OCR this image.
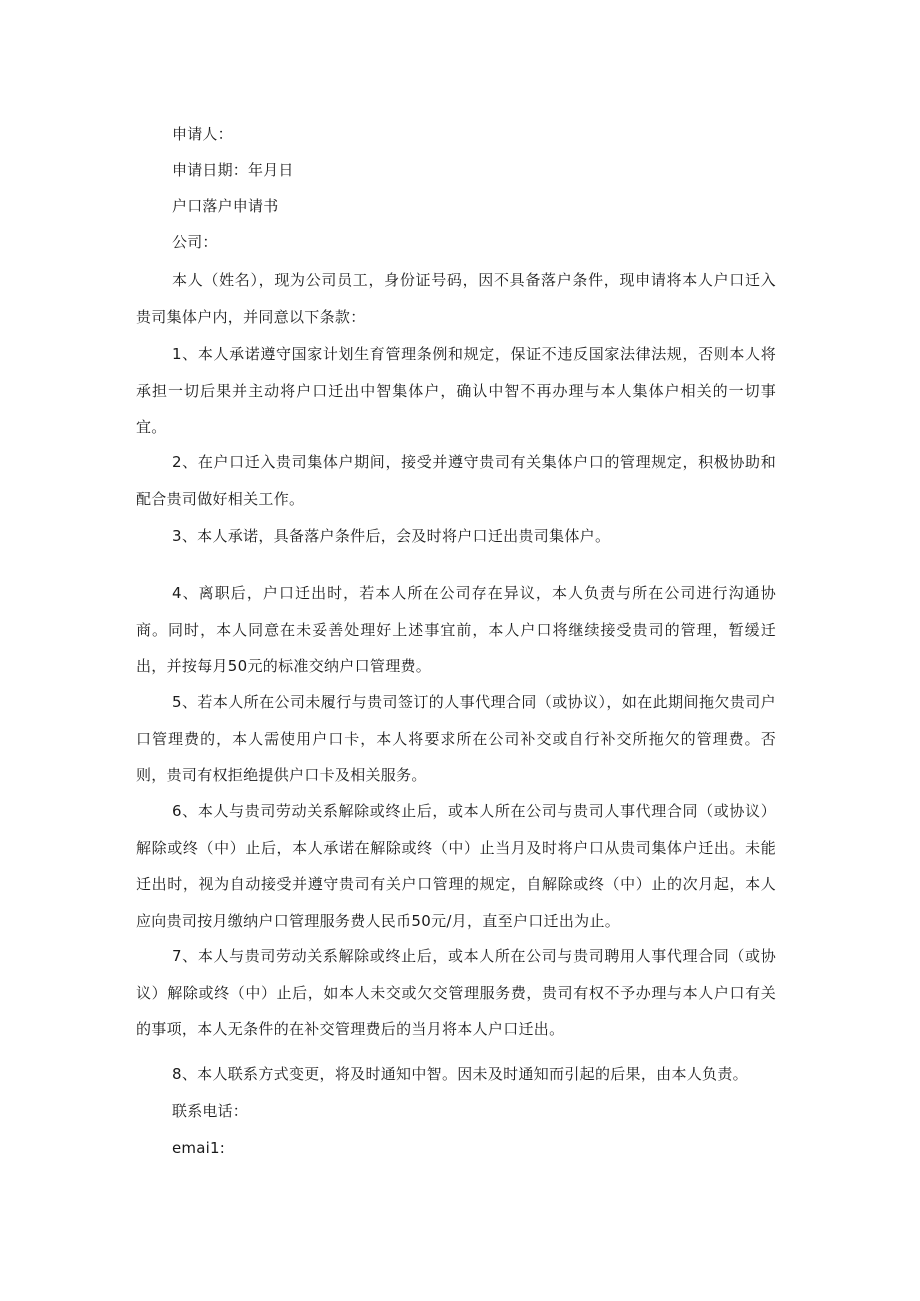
申请人：
申请日期：年月日
户口落户申请书
公司：
本人（姓名），现为公司员工，身份证号码，因不具备落户条件，现申请将本人户口迁入贵司集体户内，并同意以下条款：
1、本人承诺遵守国家计划生育管理条例和规定，保证不违反国家法律法规，否则本人将承担一切后果并主动将户口迁出中智集体户，确认中智不再办理与本人集体户相关的一切事宜。
2、在户口迁入贵司集体户期间，接受并遵守贵司有关集体户口的管理规定，积极协助和配合贵司做好相关工作。
3、本人承诺，具备落户条件后，会及时将户口迁出贵司集体户。
4、离职后，户口迁出时，若本人所在公司存在异议，本人负责与所在公司进行沟通协商。同时，本人同意在未妥善处理好上述事宜前，本人户口将继续接受贵司的管理，暂缓迁出，并按每月50元的标准交纳户口管理费。
5、若本人所在公司未履行与贵司签订的人事代理合同（或协议），如在此期间拖欠贵司户口管理费的，本人需使用户口卡，本人将要求所在公司补交或自行补交所拖欠的管理费。否则，贵司有权拒绝提供户口卡及相关服务。
6、本人与贵司劳动关系解除或终止后，或本人所在公司与贵司人事代理合同（或协议）解除或终（中）止后，本人承诺在解除或终（中）止当月及时将户口从贵司集体户迁出。未能迁出时，视为自动接受并遵守贵司有关户口管理的规定，自解除或终（中）止的次月起，本人应向贵司按月缴纳户口管理服务费人民币50元/月，直至户口迁出为止。
7、本人与贵司劳动关系解除或终止后，或本人所在公司与贵司聘用人事代理合同（或协议）解除或终（中）止后，如本人未交或欠交管理服务费，贵司有权不予办理与本人户口有关的事项，本人无条件的在补交管理费后的当月将本人户口迁出。
8、本人联系方式变更，将及时通知中智。因未及时通知而引起的后果，由本人负责。
联系电话：
emai1:
